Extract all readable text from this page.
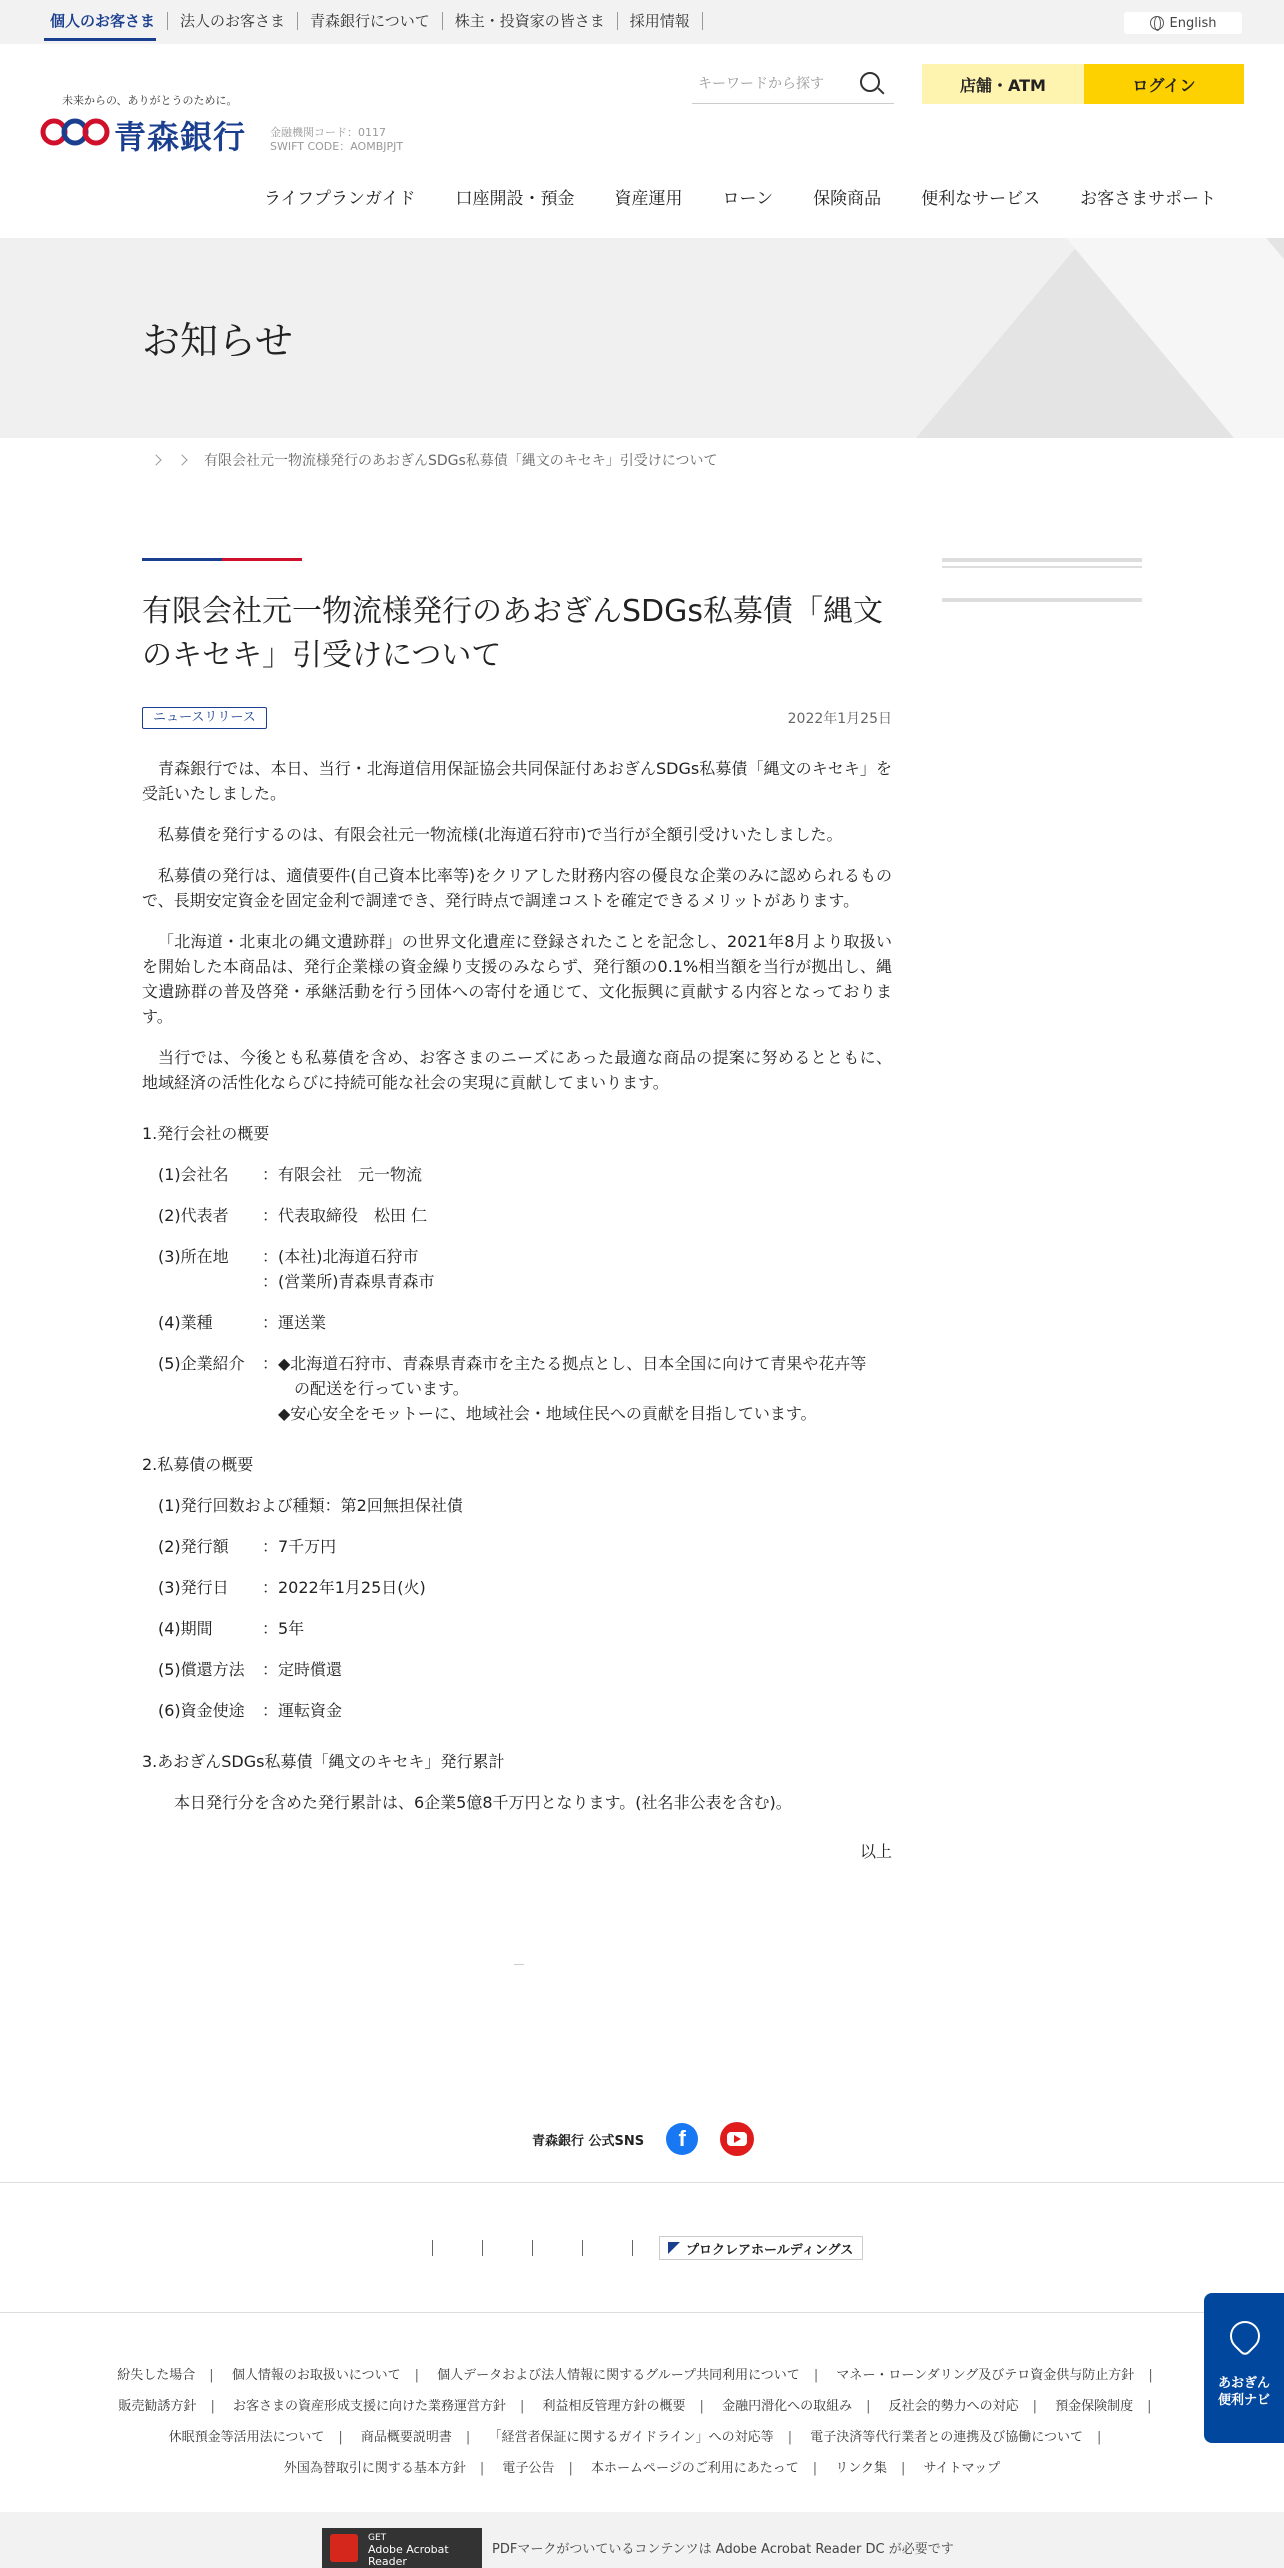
個人のお客さま	法人のお客さま	青森銀行について	株主・投資家の皆さま	採用情報	English
未来からの、ありがとうのために。
青森銀行 金融機関コード：0117
SWIFT CODE：AOMBJPJT
キーワードから探す
店舗・ATM	ログイン
ライフプランガイド 口座開設・預金 資産運用 ローン 保険商品 便利なサービス お客さまサポート
お知らせ
有限会社元一物流様発行のあおぎんSDGs私募債「縄文のキセキ」引受けについて
有限会社元一物流様発行のあおぎんSDGs私募債「縄文のキセキ」引受けについて
ニュースリリース	2022年1月25日

青森銀行では、本日、当行・北海道信用保証協会共同保証付あおぎんSDGs私募債「縄文のキセキ」を受託いたしました。

私募債を発行するのは、有限会社元一物流様(北海道石狩市)で当行が全額引受けいたしました。

私募債の発行は、適債要件(自己資本比率等)をクリアした財務内容の優良な企業のみに認められるもので、長期安定資金を固定金利で調達でき、発行時点で調達コストを確定できるメリットがあります。

「北海道・北東北の縄文遺跡群」の世界文化遺産に登録されたことを記念し、2021年8月より取扱いを開始した本商品は、発行企業様の資金繰り支援のみならず、発行額の0.1%相当額を当行が拠出し、縄文遺跡群の普及啓発・承継活動を行う団体への寄付を通じて、文化振興に貢献する内容となっております。

当行では、今後とも私募債を含め、お客さまのニーズにあった最適な商品の提案に努めるとともに、地域経済の活性化ならびに持続可能な社会の実現に貢献してまいります。

1.発行会社の概要
(1)会社名	：有限会社　元一物流
(2)代表者	：代表取締役　松田 仁
(3)所在地	：(本社)北海道石狩市
：(営業所)青森県青森市
(4)業種	：運送業
(5)企業紹介	：◆北海道石狩市、青森県青森市を主たる拠点とし、日本全国に向けて青果や花卉等
　　の配送を行っています。
　◆安心安全をモットーに、地域社会・地域住民への貢献を目指しています。
2.私募債の概要
(1)発行回数および種類 ：第2回無担保社債
(2)発行額	：7千万円
(3)発行日	：2022年1月25日(火)
(4)期間	：5年
(5)償還方法	：定時償還
(6)資金使途	：運転資金
3.あおぎんSDGs私募債「縄文のキセキ」発行累計
本日発行分を含めた発行累計は、6企業5億8千万円となります。(社名非公表を含む)。
以上
青森銀行 公式SNS	f
プロクレアホールディングス
紛失した場合 | 個人情報のお取扱いについて | 個人データおよび法人情報に関するグループ共同利用について | マネー・ローンダリング及びテロ資金供与防止方針 |
販売勧誘方針 | お客さまの資産形成支援に向けた業務運営方針 | 利益相反管理方針の概要 | 金融円滑化への取組み | 反社会的勢力への対応 | 預金保険制度 |
休眠預金等活用法について | 商品概要説明書 | 「経営者保証に関するガイドライン」への対応等 | 電子決済等代行業者との連携及び協働について |
外国為替取引に関する基本方針 | 電子公告 | 本ホームページのご利用にあたって | リンク集 | サイトマップ
GET
Adobe Acrobat Reader
PDFマークがついているコンテンツは Adobe Acrobat Reader DC が必要です
あおぎん
便利ナビ
